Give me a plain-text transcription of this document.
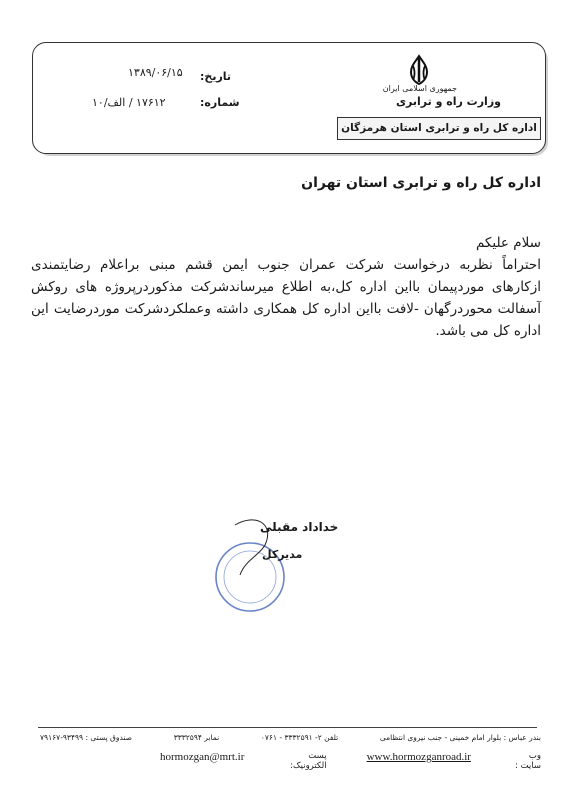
جمهوری اسلامی ایران
وزارت راه و ترابری
اداره کل راه و ترابری استان هرمزگان
تاریخ:
۱۳۸۹/۰۶/۱۵
شماره:
۱۷۶۱۲ / الف/۱۰
اداره کل راه و ترابری استان تهران

سلام علیکم

احتراماً نظربه درخواست شرکت عمران جنوب ایمن قشم مبنی براعلام رضایتمندی ازکارهای موردپیمان بااین اداره کل،به اطلاع میرساندشرکت مذکوردرپروژه های روکش آسفالت محوردرگهان -لافت بااین اداره کل همکاری داشته وعملکردشرکت موردرضایت این اداره کل می باشد.

خداداد مقبلی
مدیرکل
بندر عباس : بلوار امام خمینی - جنب نیروی انتظامی
تلفن ۲- ۳۳۳۲۵۹۱ - ۰۷۶۱
نمابر ۳۳۳۲۵۹۴
صندوق پستی : ۹۳۴۹۹-۷۹۱۶۷
وب سایت :
www.hormozganroad.ir
پست الکترونیک:
hormozgan@mrt.ir
